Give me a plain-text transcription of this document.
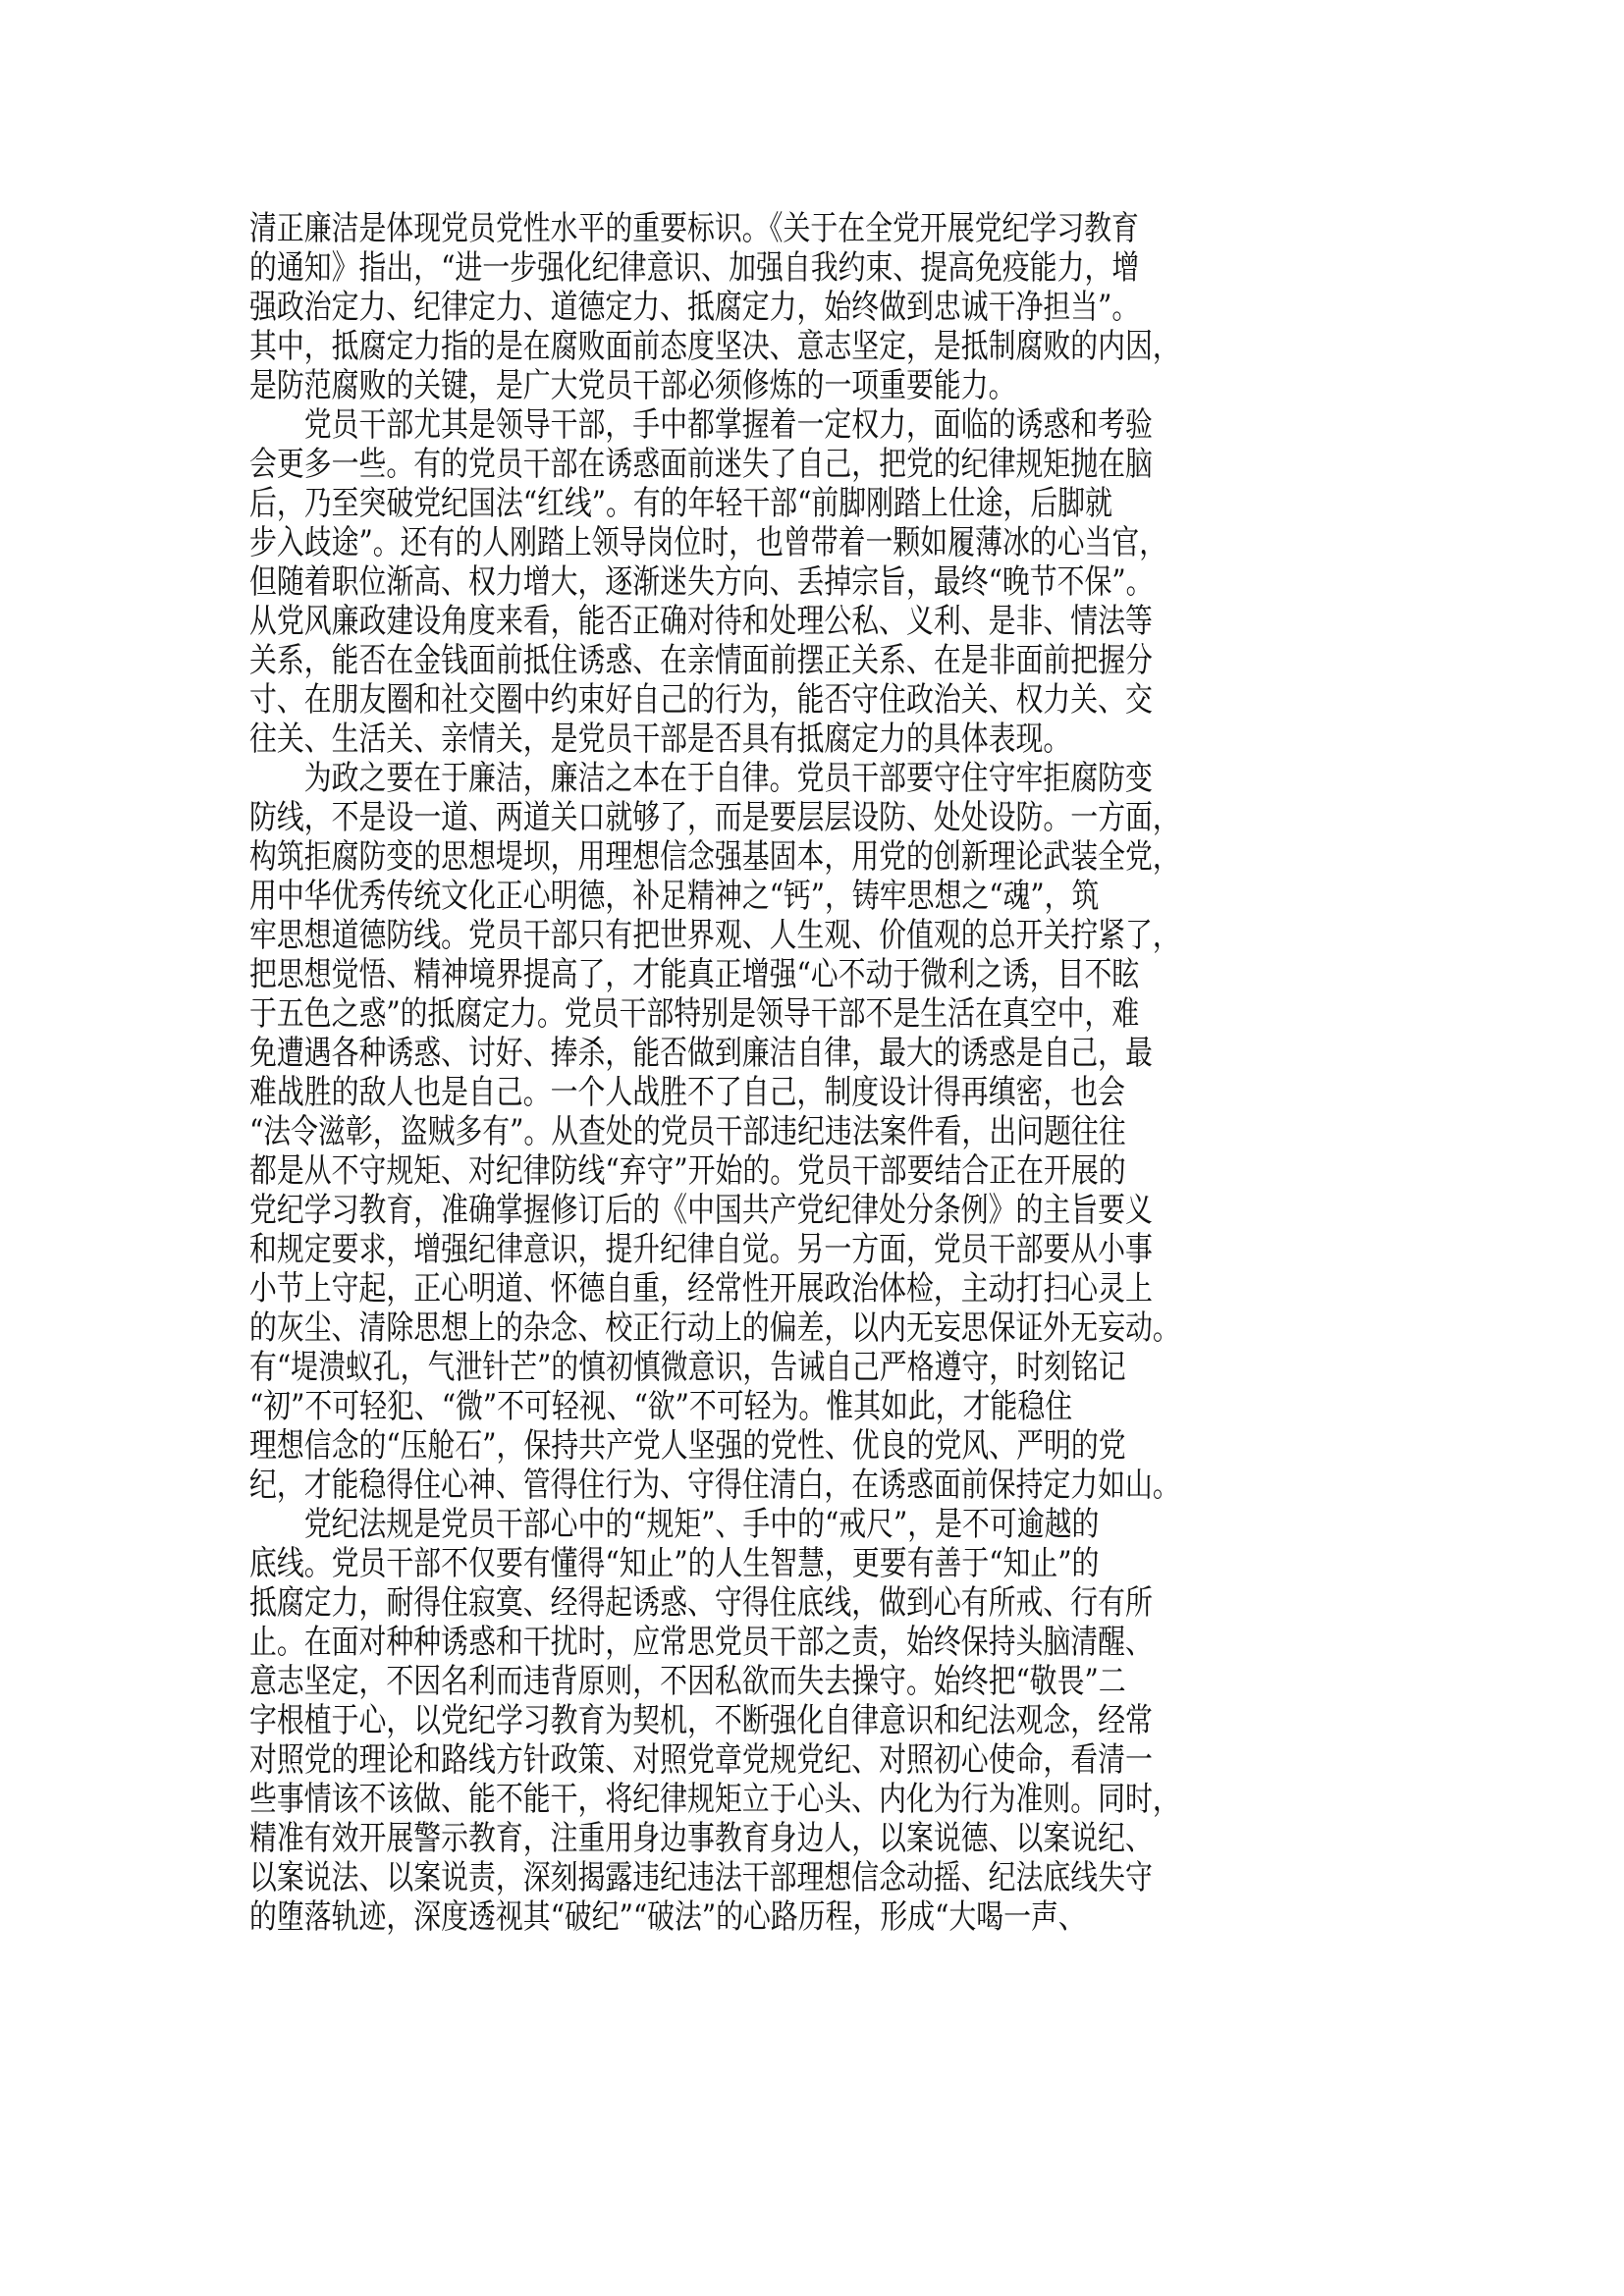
清正廉洁是体现党员党性水平的重要标识。《关于在全党开展党纪学习教育
的通知》指出，“进一步强化纪律意识、加强自我约束、提高免疫能力，增
强政治定力、纪律定力、道德定力、抵腐定力，始终做到忠诚干净担当”。
其中，抵腐定力指的是在腐败面前态度坚决、意志坚定，是抵制腐败的内因，
是防范腐败的关键，是广大党员干部必须修炼的一项重要能力。
党员干部尤其是领导干部，手中都掌握着一定权力，面临的诱惑和考验
会更多一些。有的党员干部在诱惑面前迷失了自己，把党的纪律规矩抛在脑
后，乃至突破党纪国法“红线”。有的年轻干部“前脚刚踏上仕途，后脚就
步入歧途”。还有的人刚踏上领导岗位时，也曾带着一颗如履薄冰的心当官，
但随着职位渐高、权力增大，逐渐迷失方向、丢掉宗旨，最终“晚节不保”。
从党风廉政建设角度来看，能否正确对待和处理公私、义利、是非、情法等
关系，能否在金钱面前抵住诱惑、在亲情面前摆正关系、在是非面前把握分
寸、在朋友圈和社交圈中约束好自己的行为，能否守住政治关、权力关、交
往关、生活关、亲情关，是党员干部是否具有抵腐定力的具体表现。
为政之要在于廉洁，廉洁之本在于自律。党员干部要守住守牢拒腐防变
防线，不是设一道、两道关口就够了，而是要层层设防、处处设防。一方面，
构筑拒腐防变的思想堤坝，用理想信念强基固本，用党的创新理论武装全党，
用中华优秀传统文化正心明德，补足精神之“钙”，铸牢思想之“魂”，筑
牢思想道德防线。党员干部只有把世界观、人生观、价值观的总开关拧紧了，
把思想觉悟、精神境界提高了，才能真正增强“心不动于微利之诱，目不眩
于五色之惑”的抵腐定力。党员干部特别是领导干部不是生活在真空中，难
免遭遇各种诱惑、讨好、捧杀，能否做到廉洁自律，最大的诱惑是自己，最
难战胜的敌人也是自己。一个人战胜不了自己，制度设计得再缜密，也会
“法令滋彰，盗贼多有”。从查处的党员干部违纪违法案件看，出问题往往
都是从不守规矩、对纪律防线“弃守”开始的。党员干部要结合正在开展的
党纪学习教育，准确掌握修订后的《中国共产党纪律处分条例》的主旨要义
和规定要求，增强纪律意识，提升纪律自觉。另一方面，党员干部要从小事
小节上守起，正心明道、怀德自重，经常性开展政治体检，主动打扫心灵上
的灰尘、清除思想上的杂念、校正行动上的偏差，以内无妄思保证外无妄动。
有“堤溃蚁孔，气泄针芒”的慎初慎微意识，告诫自己严格遵守，时刻铭记
“初”不可轻犯、“微”不可轻视、“欲”不可轻为。惟其如此，才能稳住
理想信念的“压舱石”，保持共产党人坚强的党性、优良的党风、严明的党
纪，才能稳得住心神、管得住行为、守得住清白，在诱惑面前保持定力如山。
党纪法规是党员干部心中的“规矩”、手中的“戒尺”，是不可逾越的
底线。党员干部不仅要有懂得“知止”的人生智慧，更要有善于“知止”的
抵腐定力，耐得住寂寞、经得起诱惑、守得住底线，做到心有所戒、行有所
止。在面对种种诱惑和干扰时，应常思党员干部之责，始终保持头脑清醒、
意志坚定，不因名利而违背原则，不因私欲而失去操守。始终把“敬畏”二
字根植于心，以党纪学习教育为契机，不断强化自律意识和纪法观念，经常
对照党的理论和路线方针政策、对照党章党规党纪、对照初心使命，看清一
些事情该不该做、能不能干，将纪律规矩立于心头、内化为行为准则。同时，
精准有效开展警示教育，注重用身边事教育身边人，以案说德、以案说纪、
以案说法、以案说责，深刻揭露违纪违法干部理想信念动摇、纪法底线失守
的堕落轨迹，深度透视其“破纪”“破法”的心路历程，形成“大喝一声、
